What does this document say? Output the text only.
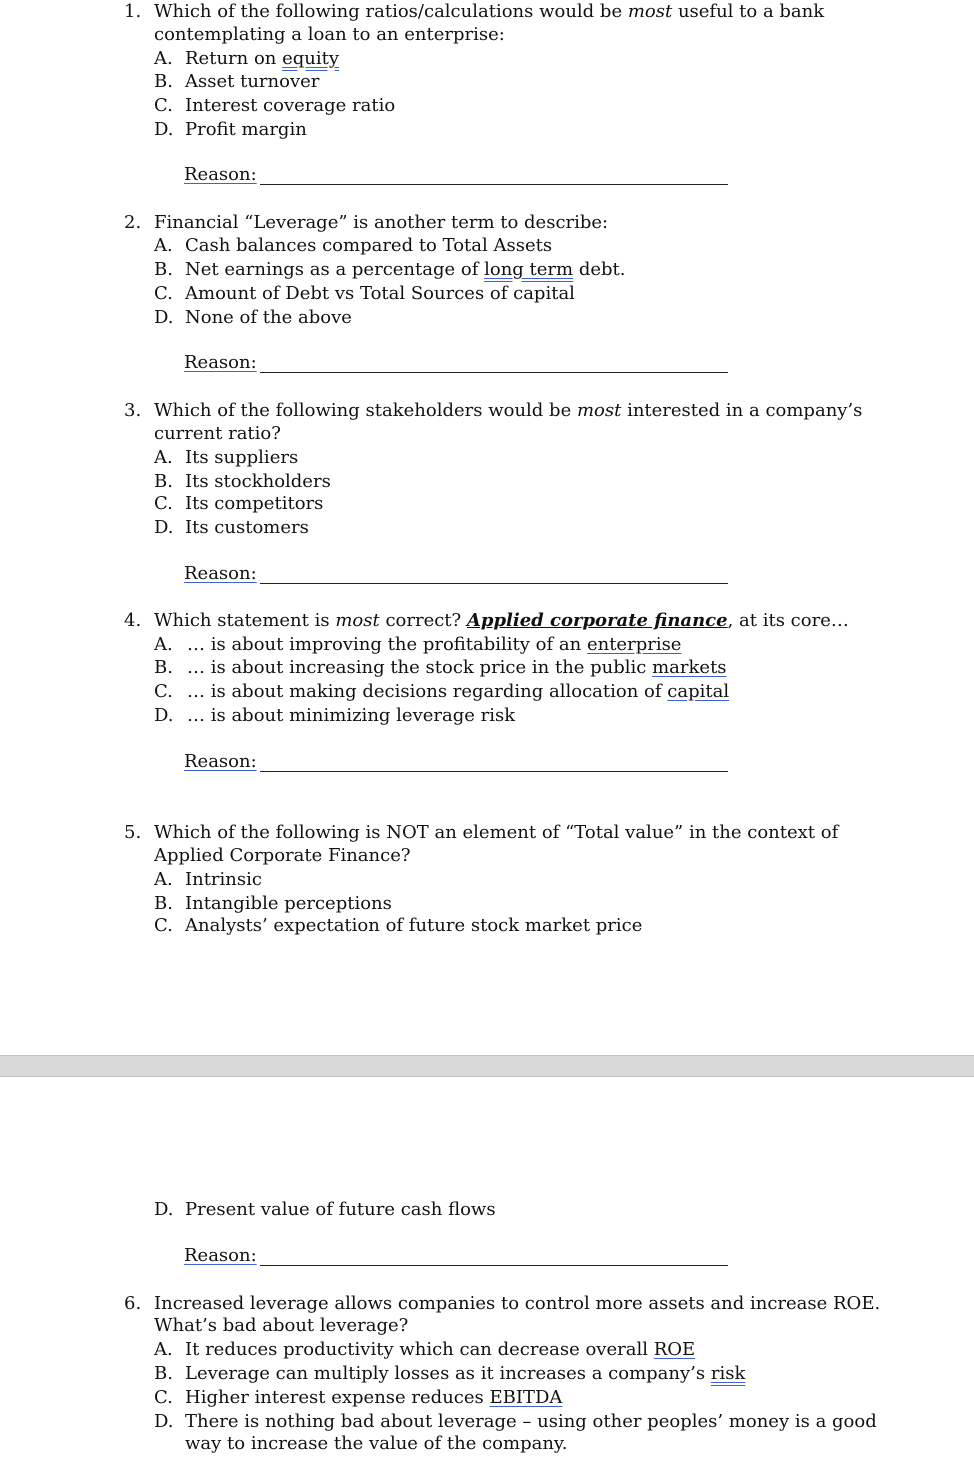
1. Which of the following ratios/calculations would be most useful to a bank
contemplating a loan to an enterprise:
A. Return on equity
B. Asset turnover
C. Interest coverage ratio
D. Profit margin
Reason:
2. Financial “Leverage” is another term to describe:
A. Cash balances compared to Total Assets
B. Net earnings as a percentage of long term debt.
C. Amount of Debt vs Total Sources of capital
D. None of the above
Reason:
3. Which of the following stakeholders would be most interested in a company’s
current ratio?
A. Its suppliers
B. Its stockholders
C. Its competitors
D. Its customers
Reason:
4. Which statement is most correct? Applied corporate finance, at its core…
A. … is about improving the profitability of an enterprise
B. … is about increasing the stock price in the public markets
C. … is about making decisions regarding allocation of capital
D. … is about minimizing leverage risk
Reason:
5. Which of the following is NOT an element of “Total value” in the context of
Applied Corporate Finance?
A. Intrinsic
B. Intangible perceptions
C. Analysts’ expectation of future stock market price
D. Present value of future cash flows
Reason:
6. Increased leverage allows companies to control more assets and increase ROE.
What’s bad about leverage?
A. It reduces productivity which can decrease overall ROE
B. Leverage can multiply losses as it increases a company’s risk
C. Higher interest expense reduces EBITDA
D. There is nothing bad about leverage – using other peoples’ money is a good
way to increase the value of the company.
